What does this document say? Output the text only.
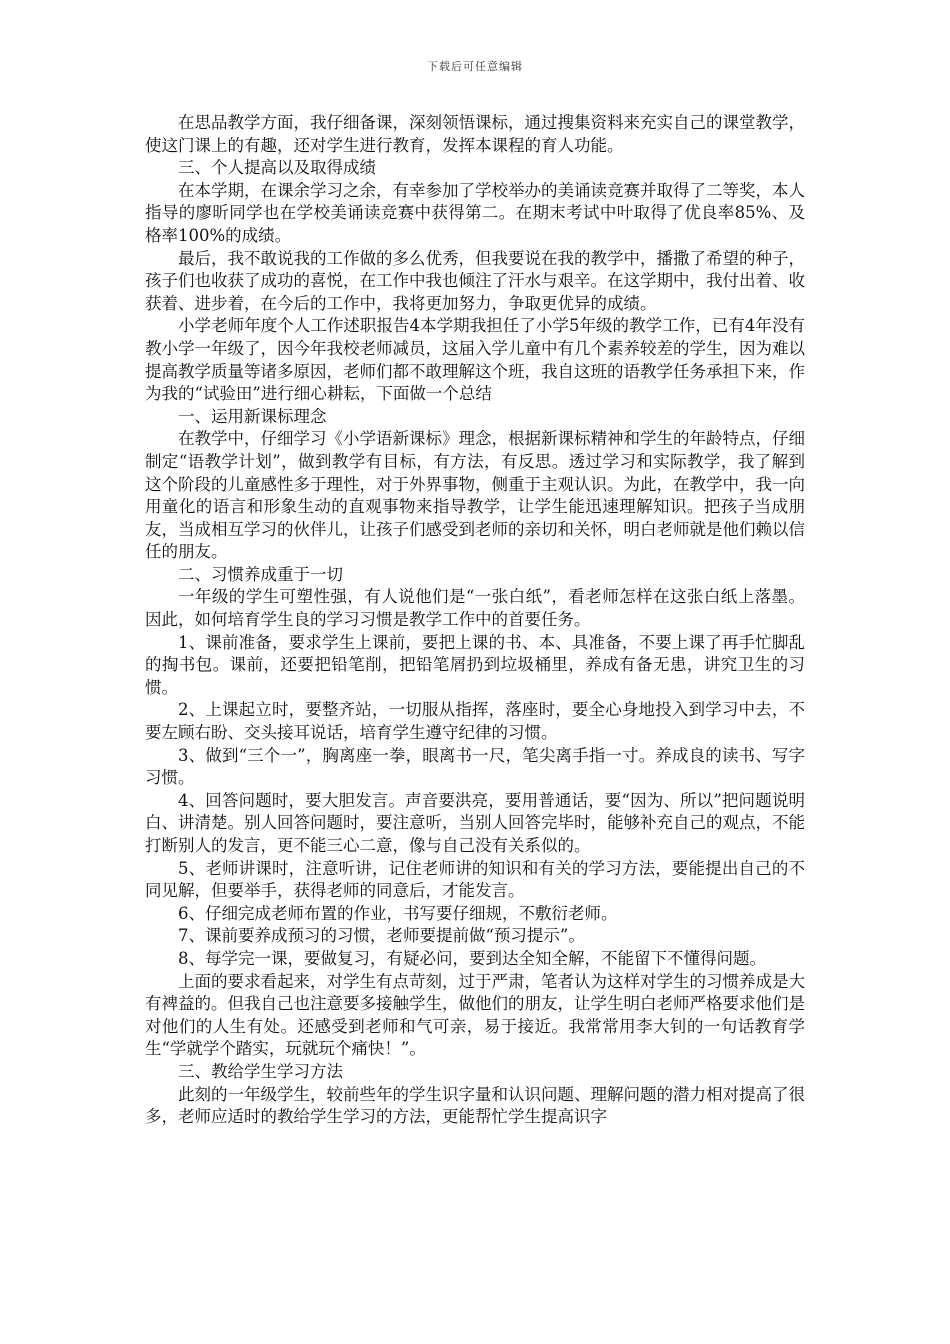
下载后可任意编辑

在思品教学方面，我仔细备课，深刻领悟课标，通过搜集资料来充实自己的课堂教学，使这门课上的有趣，还对学生进行教育，发挥本课程的育人功能。

三、个人提高以及取得成绩

在本学期，在课余学习之余，有幸参加了学校举办的美诵读竞赛并取得了二等奖，本人指导的廖昕同学也在学校美诵读竞赛中获得第二。在期末考试中叶取得了优良率85%、及格率100%的成绩。

最后，我不敢说我的工作做的多么优秀，但我要说在我的教学中，播撒了希望的种子，孩子们也收获了成功的喜悦，在工作中我也倾注了汗水与艰辛。在这学期中，我付出着、收获着、进步着，在今后的工作中，我将更加努力，争取更优异的成绩。

小学老师年度个人工作述职报告4本学期我担任了小学5年级的教学工作，已有4年没有教小学一年级了，因今年我校老师减员，这届入学儿童中有几个素养较差的学生，因为难以提高教学质量等诸多原因，老师们都不敢理解这个班，我自这班的语教学任务承担下来，作为我的“试验田”进行细心耕耘，下面做一个总结

一、运用新课标理念

在教学中，仔细学习《小学语新课标》理念，根据新课标精神和学生的年龄特点，仔细制定“语教学计划”，做到教学有目标，有方法，有反思。透过学习和实际教学，我了解到这个阶段的儿童感性多于理性，对于外界事物，侧重于主观认识。为此，在教学中，我一向用童化的语言和形象生动的直观事物来指导教学，让学生能迅速理解知识。把孩子当成朋友，当成相互学习的伙伴儿，让孩子们感受到老师的亲切和关怀，明白老师就是他们赖以信任的朋友。

二、习惯养成重于一切

一年级的学生可塑性强，有人说他们是“一张白纸”，看老师怎样在这张白纸上落墨。因此，如何培育学生良的学习习惯是教学工作中的首要任务。

1、课前准备，要求学生上课前，要把上课的书、本、具准备，不要上课了再手忙脚乱的掏书包。课前，还要把铅笔削，把铅笔屑扔到垃圾桶里，养成有备无患，讲究卫生的习惯。

2、上课起立时，要整齐站，一切服从指挥，落座时，要全心身地投入到学习中去，不要左顾右盼、交头接耳说话，培育学生遵守纪律的习惯。

3、做到“三个一”，胸离座一拳，眼离书一尺，笔尖离手指一寸。养成良的读书、写字习惯。

4、回答问题时，要大胆发言。声音要洪亮，要用普通话，要“因为、所以”把问题说明白、讲清楚。别人回答问题时，要注意听，当别人回答完毕时，能够补充自己的观点，不能打断别人的发言，更不能三心二意，像与自己没有关系似的。

5、老师讲课时，注意听讲，记住老师讲的知识和有关的学习方法，要能提出自己的不同见解，但要举手，获得老师的同意后，才能发言。

6、仔细完成老师布置的作业，书写要仔细规，不敷衍老师。

7、课前要养成预习的习惯，老师要提前做“预习提示”。

8、每学完一课，要做复习，有疑必问，要到达全知全解，不能留下不懂得问题。

上面的要求看起来，对学生有点苛刻，过于严肃，笔者认为这样对学生的习惯养成是大有裨益的。但我自己也注意要多接触学生，做他们的朋友，让学生明白老师严格要求他们是对他们的人生有处。还感受到老师和气可亲，易于接近。我常常用李大钊的一句话教育学生“学就学个踏实，玩就玩个痛快！”。

三、教给学生学习方法

此刻的一年级学生，较前些年的学生识字量和认识问题、理解问题的潜力相对提高了很多，老师应适时的教给学生学习的方法，更能帮忙学生提高识字
